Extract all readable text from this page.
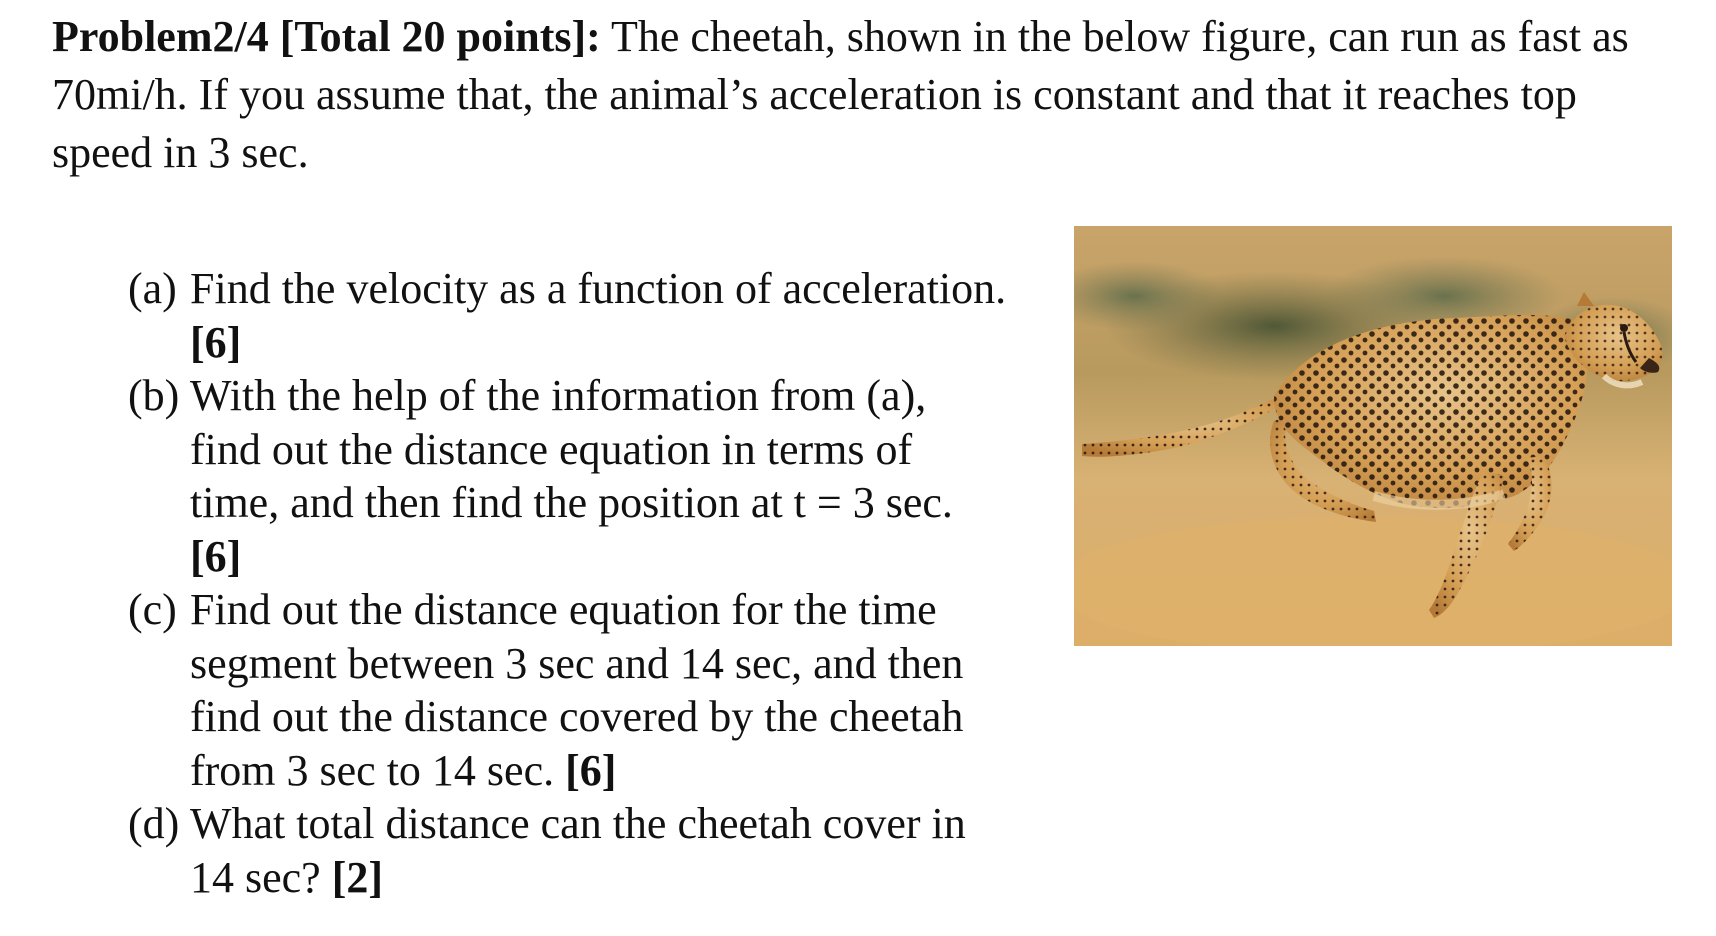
Problem2/4 [Total 20 points]: The cheetah, shown in the below figure, can run as fast as 70mi/h. If you assume that, the animal’s acceleration is constant and that it reaches top speed in 3 sec.

(a) Find the velocity as a function of acceleration. [6]
(b) With the help of the information from (a), find out the distance equation in terms of time, and then find the position at t = 3 sec. [6]
(c) Find out the distance equation for the time segment between 3 sec and 14 sec, and then find out the distance covered by the cheetah from 3 sec to 14 sec. [6]
(d) What total distance can the cheetah cover in 14 sec? [2]
